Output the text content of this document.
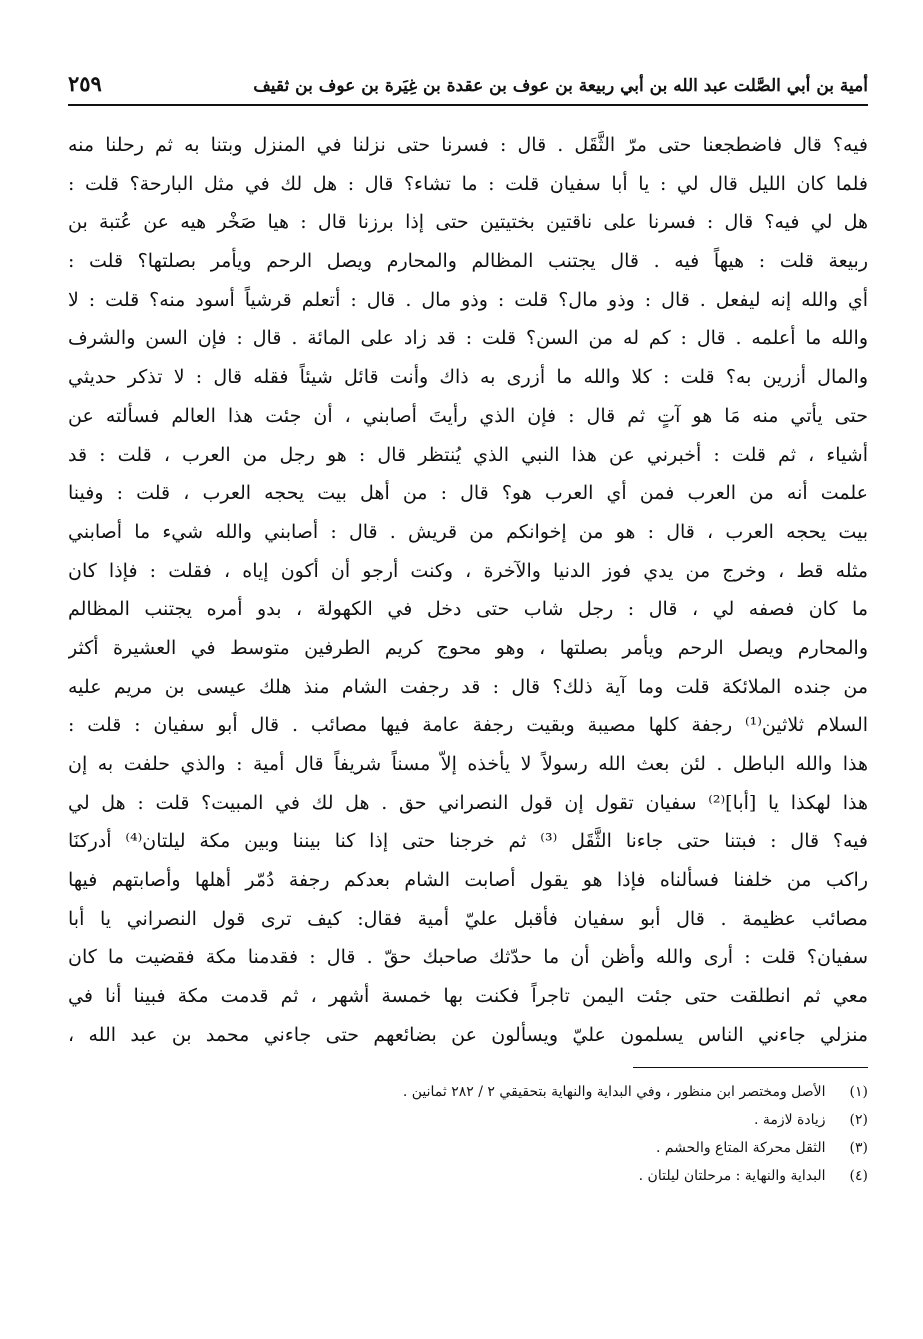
أمية بن أبي الصَّلت عبد الله بن أبي ربيعة بن عوف بن عقدة بن غِيَرة بن عوف بن ثقيف
٢٥٩
فيه؟ قال فاضطجعنا حتى مرّ الثَّقَل . قال : فسرنا حتى نزلنا في المنزل وبتنا به ثم رحلنا منه
فلما كان الليل قال لي : يا أبا سفيان قلت : ما تشاء؟ قال : هل لك في مثل البارحة؟ قلت :
هل لي فيه؟ قال : فسرنا على ناقتين بختيتين حتى إذا برزنا قال : هيا صَخْر هيه عن عُتبة بن
ربيعة قلت : هيهاً فيه . قال يجتنب المظالم والمحارم ويصل الرحم ويأمر بصلتها؟ قلت :
أي والله إنه ليفعل . قال : وذو مال؟ قلت : وذو مال . قال : أتعلم قرشياً أسود منه؟ قلت : لا
والله ما أعلمه . قال : كم له من السن؟ قلت : قد زاد على المائة . قال : فإن السن والشرف
والمال أزرين به؟ قلت : كلا والله ما أزرى به ذاك وأنت قائل شيئاً فقله قال : لا تذكر حديثي
حتى يأتي منه مَا هو آتٍ ثم قال : فإن الذي رأيتَ أصابني ، أن جئت هذا العالم فسألته عن
أشياء ، ثم قلت : أخبرني عن هذا النبي الذي يُنتظر قال : هو رجل من العرب ، قلت : قد
علمت أنه من العرب فمن أي العرب هو؟ قال : من أهل بيت يحجه العرب ، قلت : وفينا
بيت يحجه العرب ، قال : هو من إخوانكم من قريش . قال : أصابني والله شيء ما أصابني
مثله قط ، وخرج من يدي فوز الدنيا والآخرة ، وكنت أرجو أن أكون إياه ، فقلت : فإذا كان
ما كان فصفه لي ، قال : رجل شاب حتى دخل في الكهولة ، بدو أمره يجتنب المظالم
والمحارم ويصل الرحم ويأمر بصلتها ، وهو محوج كريم الطرفين متوسط في العشيرة أكثر
من جنده الملائكة قلت وما آية ذلك؟ قال : قد رجفت الشام منذ هلك عيسى بن مريم عليه
السلام ثلاثين⁽¹⁾ رجفة كلها مصيبة وبقيت رجفة عامة فيها مصائب . قال أبو سفيان : قلت :
هذا والله الباطل . لئن بعث الله رسولاً لا يأخذه إلاّ مسناً شريفاً قال أمية : والذي حلفت به إن
هذا لهكذا يا [أبا]⁽²⁾ سفيان تقول إن قول النصراني حق . هل لك في المبيت؟ قلت : هل لي
فيه؟ قال : فبتنا حتى جاءنا الثَّقَل ⁽³⁾ ثم خرجنا حتى إذا كنا بيننا وبين مكة ليلتان⁽⁴⁾ أدركنَا
راكب من خلفنا فسألناه فإذا هو يقول أصابت الشام بعدكم رجفة دُمّر أهلها وأصابتهم فيها
مصائب عظيمة . قال أبو سفيان فأقبل عليّ أمية فقال: كيف ترى قول النصراني يا أبا
سفيان؟ قلت : أرى والله وأظن أن ما حدّثك صاحبك حقّ . قال : فقدمنا مكة فقضيت ما كان
معي ثم انطلقت حتى جئت اليمن تاجراً فكنت بها خمسة أشهر ، ثم قدمت مكة فبينا أنا في
منزلي جاءني الناس يسلمون عليّ ويسألون عن بضائعهم حتى جاءني محمد بن عبد الله ،
(١) الأصل ومختصر ابن منظور ، وفي البداية والنهاية بتحقيقي ٢ / ٢٨٢ ثمانين .
(٢) زيادة لازمة .
(٣) الثقل محركة المتاع والحشم .
(٤) البداية والنهاية : مرحلتان ليلتان .
